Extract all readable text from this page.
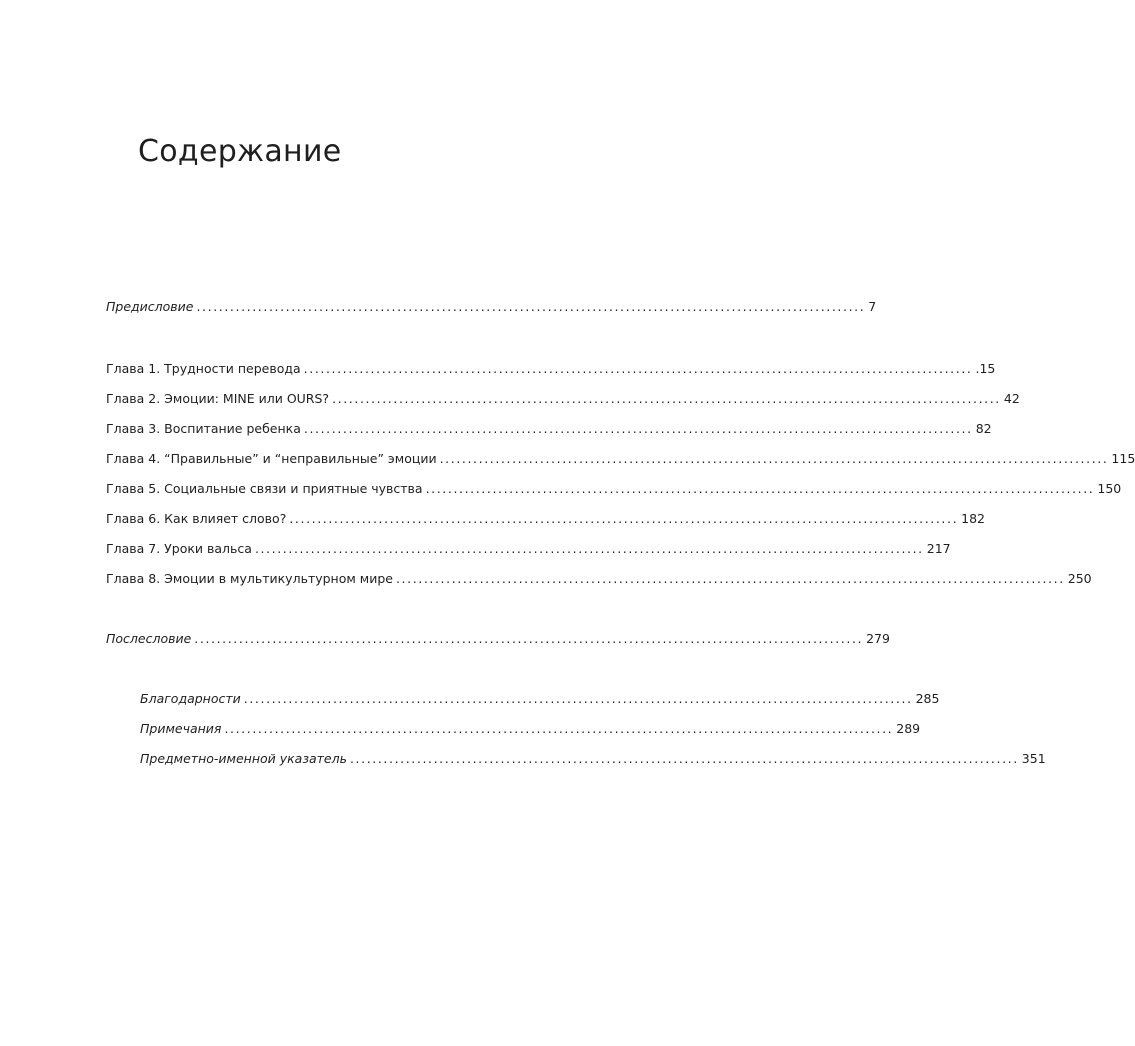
Содержание
Предисловие ........................................................................................................................ 7
Глава 1. Трудности перевода ........................................................................................................................ .15
Глава 2. Эмоции: MINE или OURS? ........................................................................................................................ 42
Глава 3. Воспитание ребенка ........................................................................................................................ 82
Глава 4. “Правильные” и “неправильные” эмоции ........................................................................................................................ 115
Глава 5. Социальные связи и приятные чувства ........................................................................................................................ 150
Глава 6. Как влияет слово? ........................................................................................................................ 182
Глава 7. Уроки вальса ........................................................................................................................ 217
Глава 8. Эмоции в мультикультурном мире ........................................................................................................................ 250
Послесловие ........................................................................................................................ 279
Благодарности ........................................................................................................................ 285
Примечания ........................................................................................................................ 289
Предметно-именной указатель ........................................................................................................................ 351
